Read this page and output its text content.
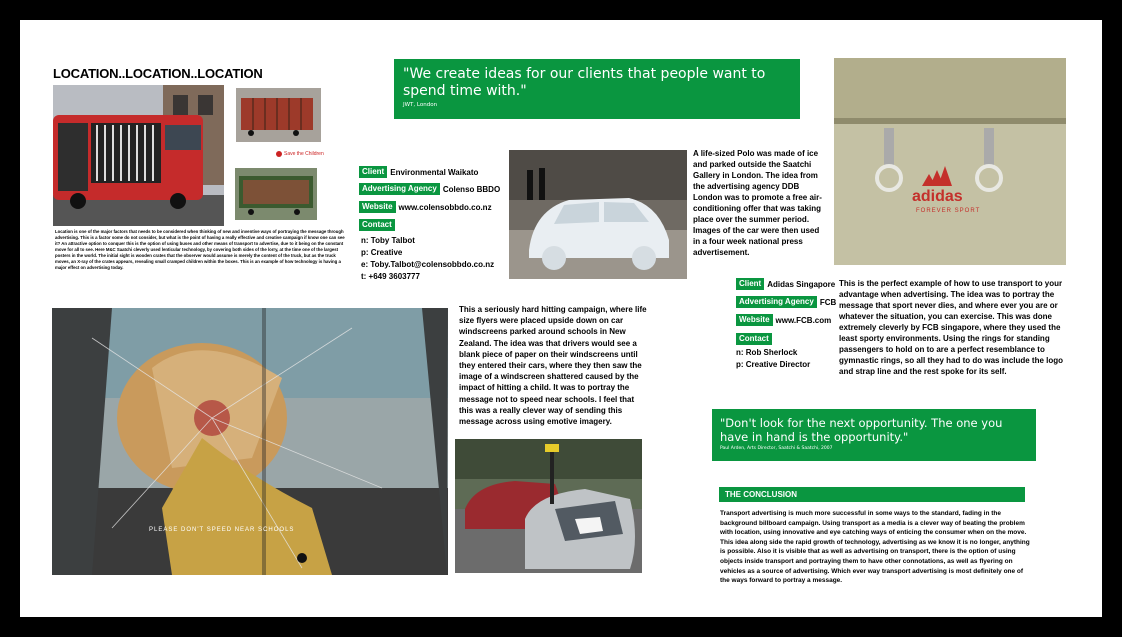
LOCATION..LOCATION..LOCATION
Save the Children
Location is one of the major factors that needs to be considered when thinking of new and inventive ways of portraying the message through advertising. This is a factor some do not consider, but what is the point of having a really effective and creative campaign if know one can see it? An attractive option to conquer this is the option of using buses and other means of transport to advertise, due to it being on the constant move for all to see. Here M&C Saatchi cleverly used lenticular technology, by covering both sides of the lorry, at the time one of the largest posters in the world. The initial sight is wooden crates that the observer would assume is merely the content of the truck, but as the truck moves, an X-ray of the crates appears, revealing small cramped children within the boxes. This is an example of how technology is having a major effect on advertising today.
"We create ideas for our clients that people want to spend time with."
JWT, London
Client Environmental Waikato
Advertising Agency Colenso BBDO
Website www.colensobbdo.co.nz
Contact
n: Toby Talbot
p: Creative
e: Toby.Talbot@colensobbdo.co.nz
t: +649 3603777
A life-sized Polo was made of ice and parked outside the Saatchi Gallery in London. The idea from the advertising agency DDB London was to promote a free air-conditioning offer that was taking place over the summer period. Images of the car were then used in a four week national press advertisement.
adidas
FOREVER SPORT
Client Adidas Singapore
Advertising Agency FCB
Website www.FCB.com
Contact
n: Rob Sherlock
p: Creative Director
This is the perfect example of how to use transport to your advantage when advertising. The idea was to portray the message that sport never dies, and where ever you are or whatever the situation, you can exercise. This was done extremely cleverly by FCB singapore, where they used the least sporty environments. Using the rings for standing passengers to hold on to are a perfect resemblance to gymnastic rings, so all they had to do was include the logo and strap line and the rest spoke for its self.
PLEASE DON'T SPEED NEAR SCHOOLS
This a seriously hard hitting campaign, where life size flyers were placed upside down on car windscreens parked around schools in New Zealand. The idea was that drivers would see a blank piece of paper on their windscreens until they entered their cars, where they then saw the image of a windscreen shattered caused by the impact of hitting a child. It was to portray the message not to speed near schools. I feel that this was a really clever way of sending this message across using emotive imagery.	"Don't look for the next opportunity. The one you have in hand is the opportunity."
Paul Arden, Arts Director, Saatchi & Saatchi, 2007
THE CONCLUSION
Transport advertising is much more successful in some ways to the standard, fading in the background billboard campaign. Using transport as a media is a clever way of beating the problem with location, using innovative and eye catching ways of enticing the consumer when on the move. This idea along side the rapid growth of technology, advertising as we know it is no longer, anything is possible. Also it is visible that as well as advertising on transport, there is the option of using objects inside transport and portraying them to have other connotations, as well as flyering on vehicles as a source of advertising. Which ever way transport advertising is most definitely one of the ways forward to portray a message.
